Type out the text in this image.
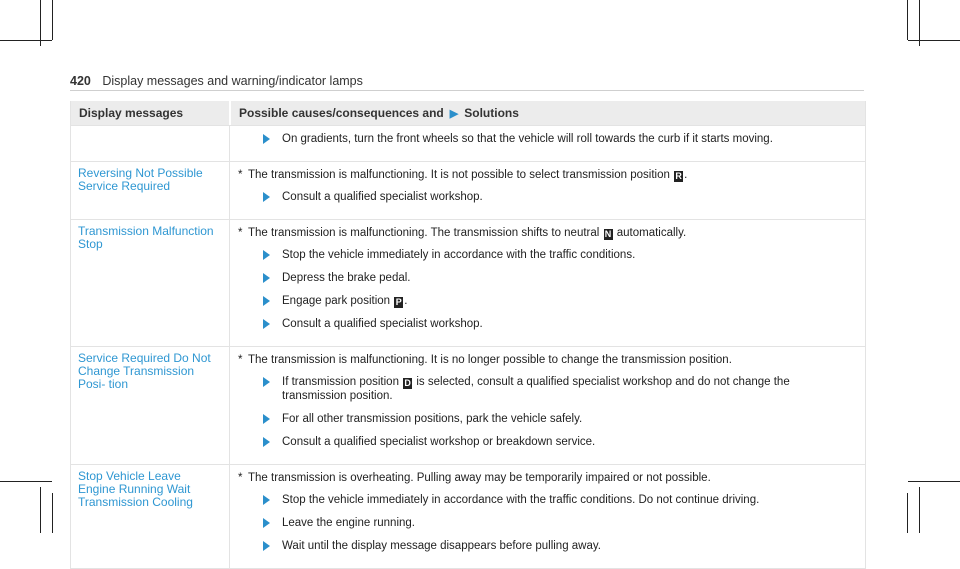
420 Display messages and warning/indicator lamps
Display messages	Possible causes/consequences and ▶ Solutions
On gradients, turn the front wheels so that the vehicle will roll towards the curb if it starts moving.
Reversing Not Possible Service Required
* The transmission is malfunctioning. It is not possible to select transmission position R .
Consult a qualified specialist workshop.
Transmission Malfunction Stop
* The transmission is malfunctioning. The transmission shifts to neutral N automatically.
Stop the vehicle immediately in accordance with the traffic conditions.
Depress the brake pedal.
Engage park position P .
Consult a qualified specialist workshop.
Service Required Do Not Change Transmission Posi- tion
* The transmission is malfunctioning. It is no longer possible to change the transmission position.
If transmission position D is selected, consult a qualified specialist workshop and do not change the transmission position.
For all other transmission positions, park the vehicle safely.
Consult a qualified specialist workshop or breakdown service.
Stop Vehicle Leave Engine Running Wait Transmission Cooling
* The transmission is overheating. Pulling away may be temporarily impaired or not possible.
Stop the vehicle immediately in accordance with the traffic conditions. Do not continue driving.
Leave the engine running.
Wait until the display message disappears before pulling away.
